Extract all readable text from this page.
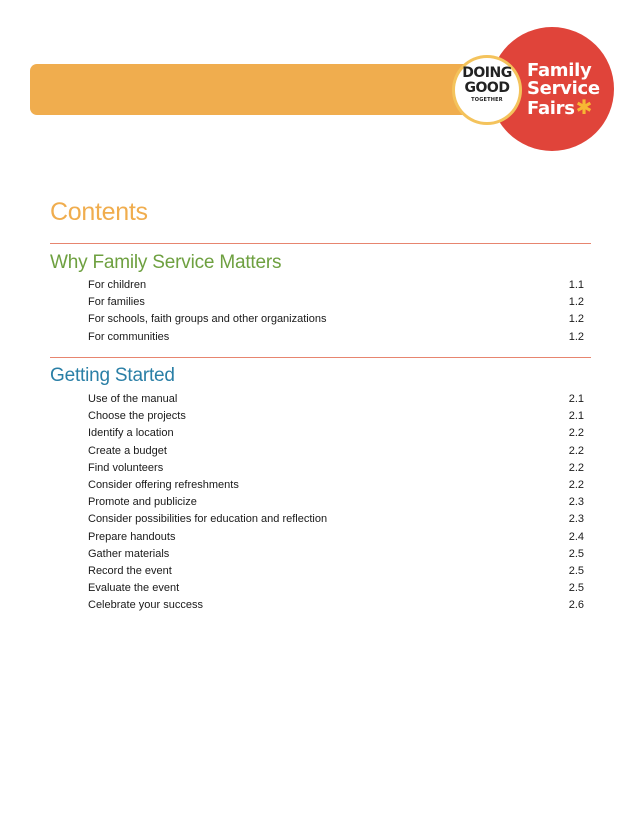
Family
Service
Fairs✱
DOING
GOOD
TOGETHER
Contents
Why Family Service Matters
For children	1.1
For families	1.2
For schools, faith groups and other organizations	1.2
For communities	1.2
Getting Started
Use of the manual	2.1
Choose the projects	2.1
Identify a location	2.2
Create a budget	2.2
Find volunteers	2.2
Consider offering refreshments	2.2
Promote and publicize	2.3
Consider possibilities for education and reflection	2.3
Prepare handouts	2.4
Gather materials	2.5
Record the event	2.5
Evaluate the event	2.5
Celebrate your success	2.6
